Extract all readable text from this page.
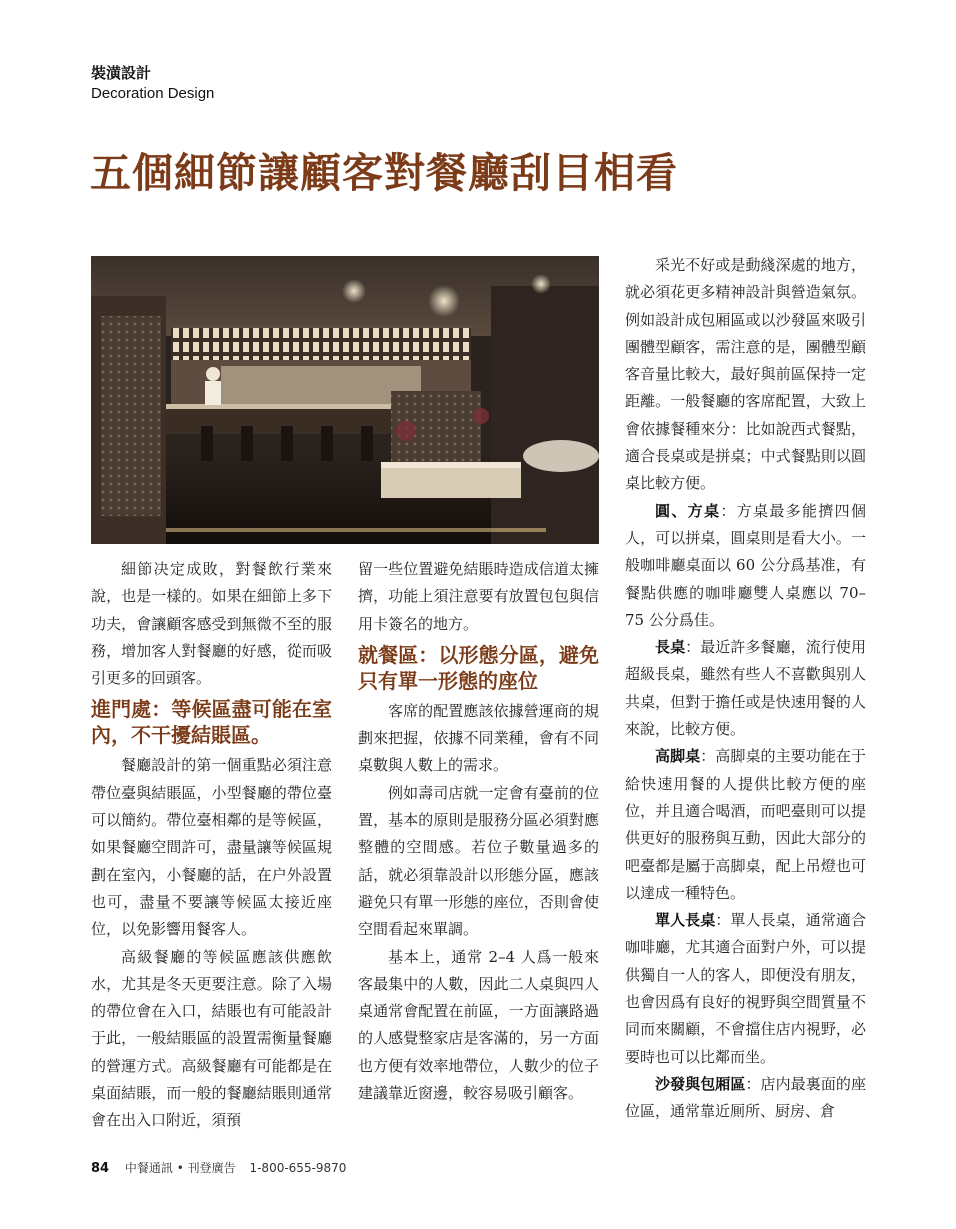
裝潢設計
Decoration Design
五個細節讓顧客對餐廳刮目相看

細節决定成敗，對餐飲行業來說，也是一樣的。如果在細節上多下功夫，會讓顧客感受到無微不至的服務，增加客人對餐廳的好感，從而吸引更多的回頭客。

進門處：等候區盡可能在室內，不干擾結賬區。

餐廳設計的第一個重點必須注意帶位臺與結賬區，小型餐廳的帶位臺可以簡約。帶位臺相鄰的是等候區，如果餐廳空間許可，盡量讓等候區規劃在室內，小餐廳的話，在户外設置也可，盡量不要讓等候區太接近座位，以免影響用餐客人。

高級餐廳的等候區應該供應飲水，尤其是冬天更要注意。除了入場的帶位會在入口，結賬也有可能設計于此，一般結賬區的設置需衡量餐廳的營運方式。高級餐廳有可能都是在桌面結賬，而一般的餐廳結賬則通常會在出入口附近，須預

留一些位置避免結賬時造成信道太擁擠，功能上須注意要有放置包包與信用卡簽名的地方。

就餐區：以形態分區，避免只有單一形態的座位

客席的配置應該依據營運商的規劃來把握，依據不同業種，會有不同桌數與人數上的需求。

例如壽司店就一定會有臺前的位置，基本的原則是服務分區必須對應整體的空間感。若位子數量過多的話，就必須靠設計以形態分區，應該避免只有單一形態的座位，否則會使空間看起來單調。

基本上，通常 2–4 人爲一般來客最集中的人數，因此二人桌與四人桌通常會配置在前區，一方面讓路過的人感覺整家店是客滿的，另一方面也方便有效率地帶位，人數少的位子建議靠近窗邊，較容易吸引顧客。

采光不好或是動綫深處的地方，就必須花更多精神設計與營造氣氛。例如設計成包厢區或以沙發區來吸引團體型顧客，需注意的是，團體型顧客音量比較大，最好與前區保持一定距離。一般餐廳的客席配置，大致上會依據餐種來分：比如說西式餐點，適合長桌或是拼桌；中式餐點則以圓桌比較方便。

圓、方桌：方桌最多能擠四個人，可以拼桌，圓桌則是看大小。一般咖啡廳桌面以 60 公分爲基准，有餐點供應的咖啡廳雙人桌應以 70–75 公分爲佳。

長桌：最近許多餐廳，流行使用超級長桌，雖然有些人不喜歡與别人共桌，但對于擔任或是快速用餐的人來說，比較方便。

高脚桌：高脚桌的主要功能在于給快速用餐的人提供比較方便的座位，并且適合喝酒，而吧臺則可以提供更好的服務與互動，因此大部分的吧臺都是屬于高脚桌，配上吊燈也可以達成一種特色。

單人長桌：單人長桌，通常適合咖啡廳，尤其適合面對户外，可以提供獨自一人的客人，即便没有朋友，也會因爲有良好的視野與空間質量不同而來關顧，不會擋住店内視野，必要時也可以比鄰而坐。

沙發與包厢區：店内最裏面的座位區，通常靠近厠所、厨房、倉

84 中餐通訊 • 刊登廣告 1-800-655-9870
